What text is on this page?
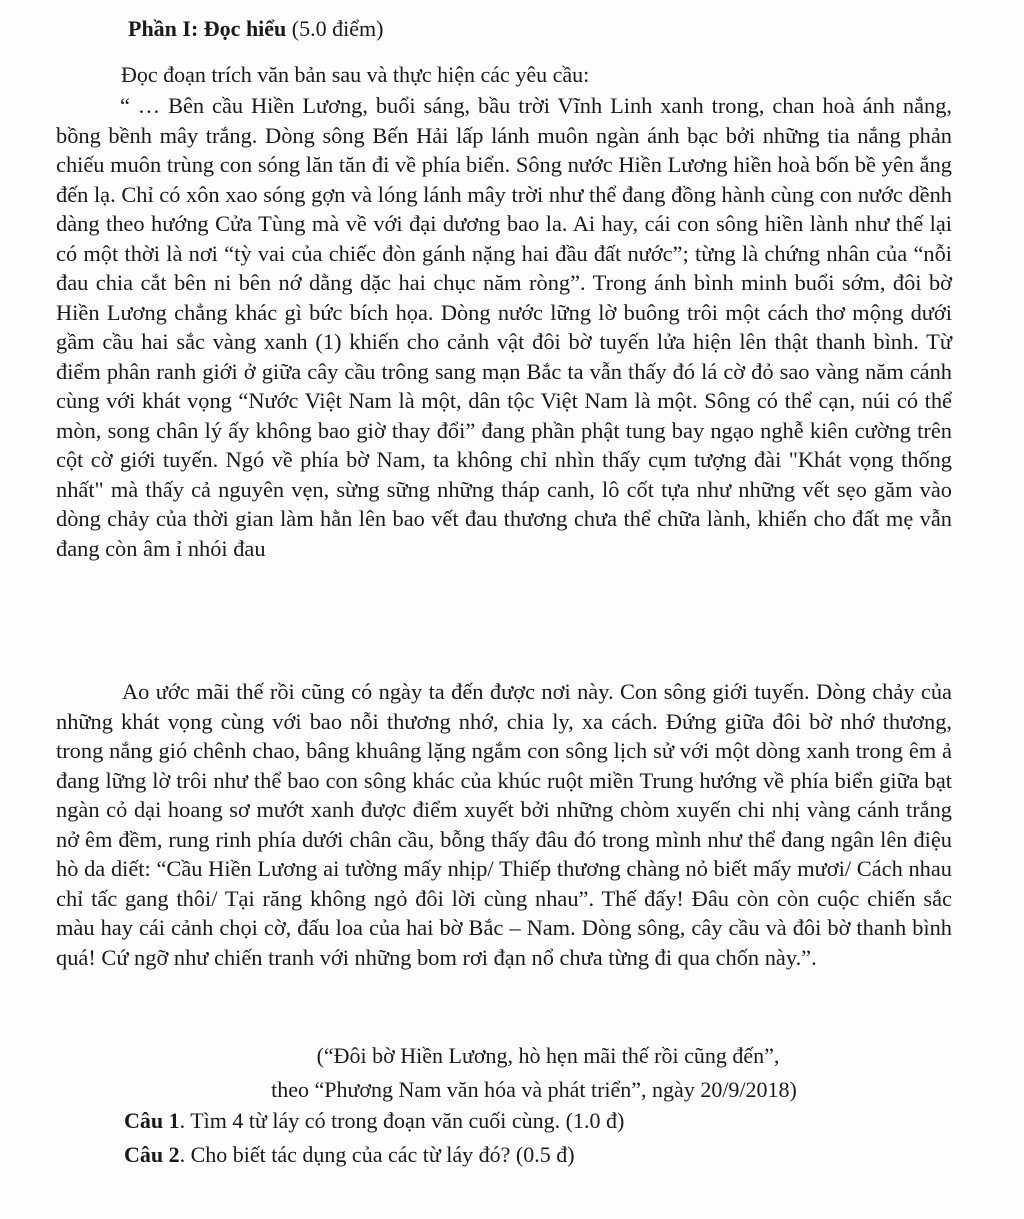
Phần I: Đọc hiểu (5.0 điểm)

Đọc đoạn trích văn bản sau và thực hiện các yêu cầu:

“ … Bên cầu Hiền Lương, buổi sáng, bầu trời Vĩnh Linh xanh trong, chan hoà ánh nắng, bồng bềnh mây trắng. Dòng sông Bến Hải lấp lánh muôn ngàn ánh bạc bởi những tia nắng phản chiếu muôn trùng con sóng lăn tăn đi về phía biển. Sông nước Hiền Lương hiền hoà bốn bề yên ắng đến lạ. Chỉ có xôn xao sóng gợn và lóng lánh mây trời như thể đang đồng hành cùng con nước dềnh dàng theo hướng Cửa Tùng mà về với đại dương bao la. Ai hay, cái con sông hiền lành như thế lại có một thời là nơi “tỳ vai của chiếc đòn gánh nặng hai đầu đất nước”; từng là chứng nhân của “nỗi đau chia cắt bên ni bên nớ dằng dặc hai chục năm ròng”. Trong ánh bình minh buổi sớm, đôi bờ Hiền Lương chẳng khác gì bức bích họa. Dòng nước lững lờ buông trôi một cách thơ mộng dưới gầm cầu hai sắc vàng xanh (1) khiến cho cảnh vật đôi bờ tuyến lửa hiện lên thật thanh bình. Từ điểm phân ranh giới ở giữa cây cầu trông sang mạn Bắc ta vẫn thấy đó lá cờ đỏ sao vàng năm cánh cùng với khát vọng “Nước Việt Nam là một, dân tộc Việt Nam là một. Sông có thể cạn, núi có thể mòn, song chân lý ấy không bao giờ thay đổi” đang phần phật tung bay ngạo nghễ kiên cường trên cột cờ giới tuyến. Ngó về phía bờ Nam, ta không chỉ nhìn thấy cụm tượng đài "Khát vọng thống nhất" mà thấy cả nguyên vẹn, sừng sững những tháp canh, lô cốt tựa như những vết sẹo găm vào dòng chảy của thời gian làm hằn lên bao vết đau thương chưa thể chữa lành, khiến cho đất mẹ vẫn đang còn âm ỉ nhói đau

Ao ước mãi thế rồi cũng có ngày ta đến được nơi này. Con sông giới tuyến. Dòng chảy của những khát vọng cùng với bao nỗi thương nhớ, chia ly, xa cách. Đứng giữa đôi bờ nhớ thương, trong nắng gió chênh chao, bâng khuâng lặng ngắm con sông lịch sử với một dòng xanh trong êm ả đang lững lờ trôi như thể bao con sông khác của khúc ruột miền Trung hướng về phía biển giữa bạt ngàn cỏ dại hoang sơ mướt xanh được điểm xuyết bởi những chòm xuyến chi nhị vàng cánh trắng nở êm đềm, rung rinh phía dưới chân cầu, bỗng thấy đâu đó trong mình như thể đang ngân lên điệu hò da diết: “Cầu Hiền Lương ai tường mấy nhịp/ Thiếp thương chàng nỏ biết mấy mươi/ Cách nhau chỉ tấc gang thôi/ Tại răng không ngỏ đôi lời cùng nhau”. Thế đấy! Đâu còn còn cuộc chiến sắc màu hay cái cảnh chọi cờ, đấu loa của hai bờ Bắc – Nam. Dòng sông, cây cầu và đôi bờ thanh bình quá! Cứ ngỡ như chiến tranh với những bom rơi đạn nổ chưa từng đi qua chốn này.”.

(“Đôi bờ Hiền Lương, hò hẹn mãi thế rồi cũng đến”,

theo “Phương Nam văn hóa và phát triển”, ngày 20/9/2018)

Câu 1. Tìm 4 từ láy có trong đoạn văn cuối cùng. (1.0 đ)

Câu 2. Cho biết tác dụng của các từ láy đó? (0.5 đ)
